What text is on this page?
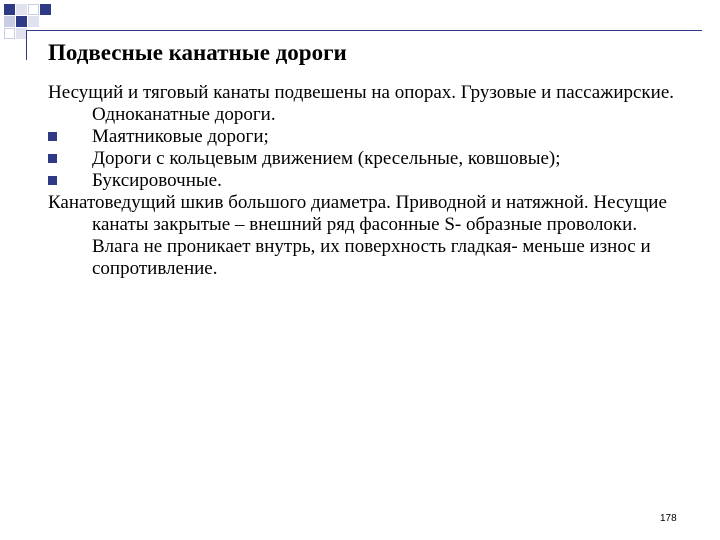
Подвесные канатные дороги

Несущий и тяговый канаты подвешены на опорах. Грузовые и пассажирские. Одноканатные дороги.

Маятниковые дороги;

Дороги с кольцевым движением (кресельные, ковшовые);

Буксировочные.

Канатоведущий шкив большого диаметра. Приводной и натяжной. Несущие канаты закрытые – внешний ряд фасонные S- образные проволоки. Влага не проникает внутрь, их поверхность гладкая- меньше износ и сопротивление.

178
